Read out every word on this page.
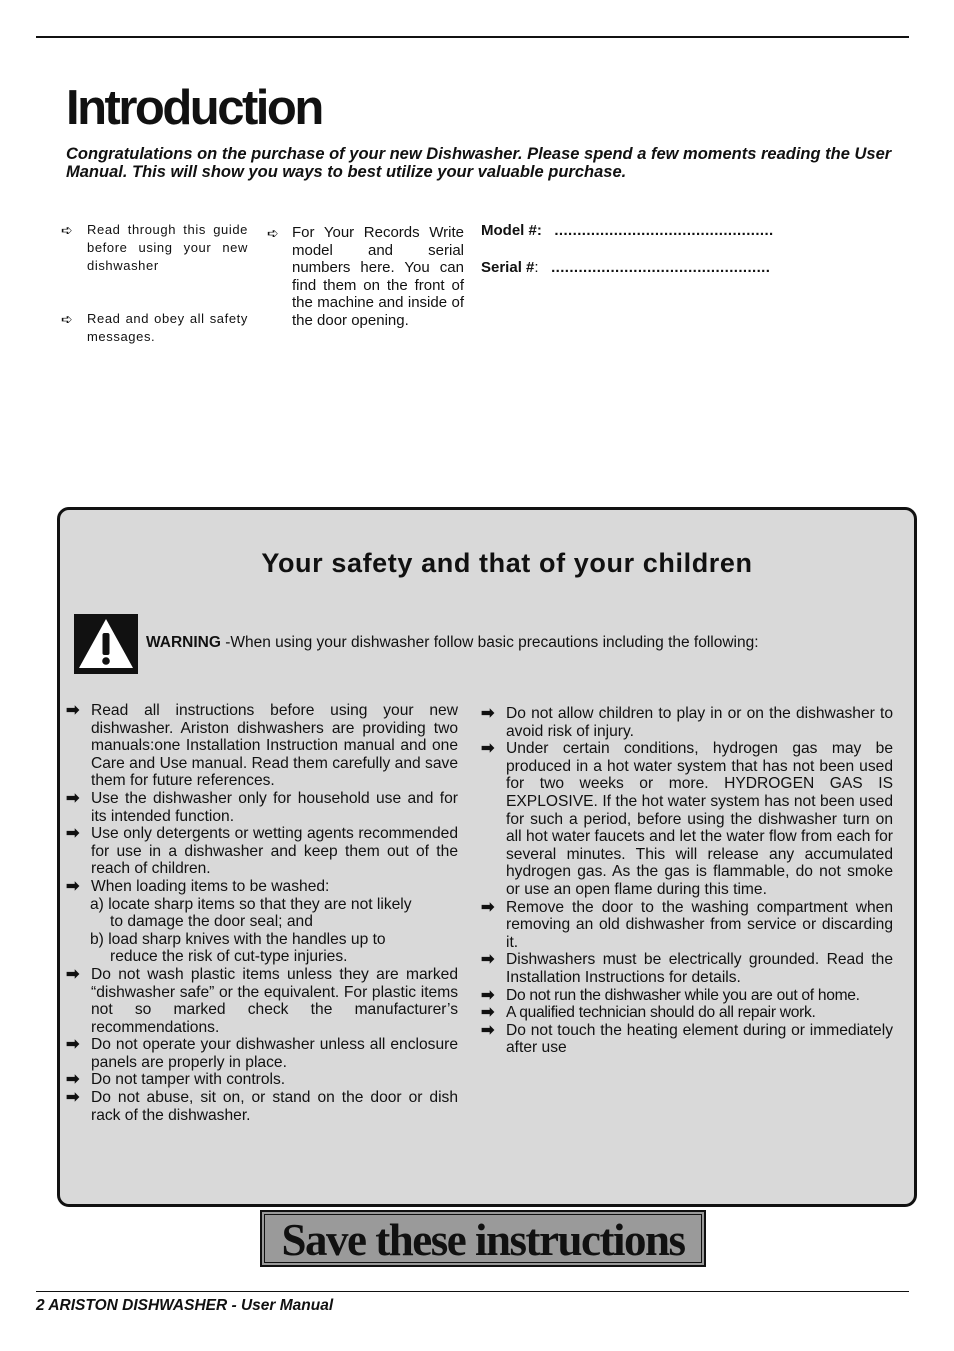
Introduction

Congratulations on the purchase of your new Dishwasher. Please spend a few moments reading the User Manual. This will show you ways to best utilize your valuable purchase.

➪ Read through this guide before using your new dishwasher
➪ Read and obey all safety messages.
➪ For Your Records Write model and serial numbers here. You can find them on the front of the machine and inside of the door opening.
Model #: ................................................
Serial #: ................................................
Your safety and that of your children
WARNING -When using your dishwasher follow basic precautions including the following:
➡ Read all instructions before using your new dishwasher. Ariston dishwashers are providing two manuals:one Installation Instruction manual and one Care and Use manual. Read them carefully and save them for future references.
➡ Use the dishwasher only for household use and for its intended function.
➡ Use only detergents or wetting agents recommended for use in a dishwasher and keep them out of the reach of children.
➡ When loading items to be washed:
a) locate sharp items so that they are not likely
to damage the door seal; and
b) load sharp knives with the handles up to
reduce the risk of cut-type injuries.
➡ Do not wash plastic items unless they are marked “dishwasher safe” or the equivalent. For plastic items not so marked check the manufacturer’s recommendations.
➡ Do not operate your dishwasher unless all enclosure panels are properly in place.
➡ Do not tamper with controls.
➡ Do not abuse, sit on, or stand on the door or dish rack of the dishwasher.
➡ Do not allow children to play in or on the dishwasher to avoid risk of injury.
➡ Under certain conditions, hydrogen gas may be produced in a hot water system that has not been used for two weeks or more. HYDROGEN GAS IS EXPLOSIVE. If the hot water system has not been used for such a period, before using the dishwasher turn on all hot water faucets and let the water flow from each for several minutes. This will release any accumulated hydrogen gas. As the gas is flammable, do not smoke or use an open flame during this time.
➡ Remove the door to the washing compartment when removing an old dishwasher from service or discarding it.
➡ Dishwashers must be electrically grounded. Read the Installation Instructions for details.
➡ Do not run the dishwasher while you are out of home.
➡ A qualified technician should do all repair work.
➡ Do not touch the heating element during or immediately after use
Save these instructions
2 ARISTON DISHWASHER - User Manual
